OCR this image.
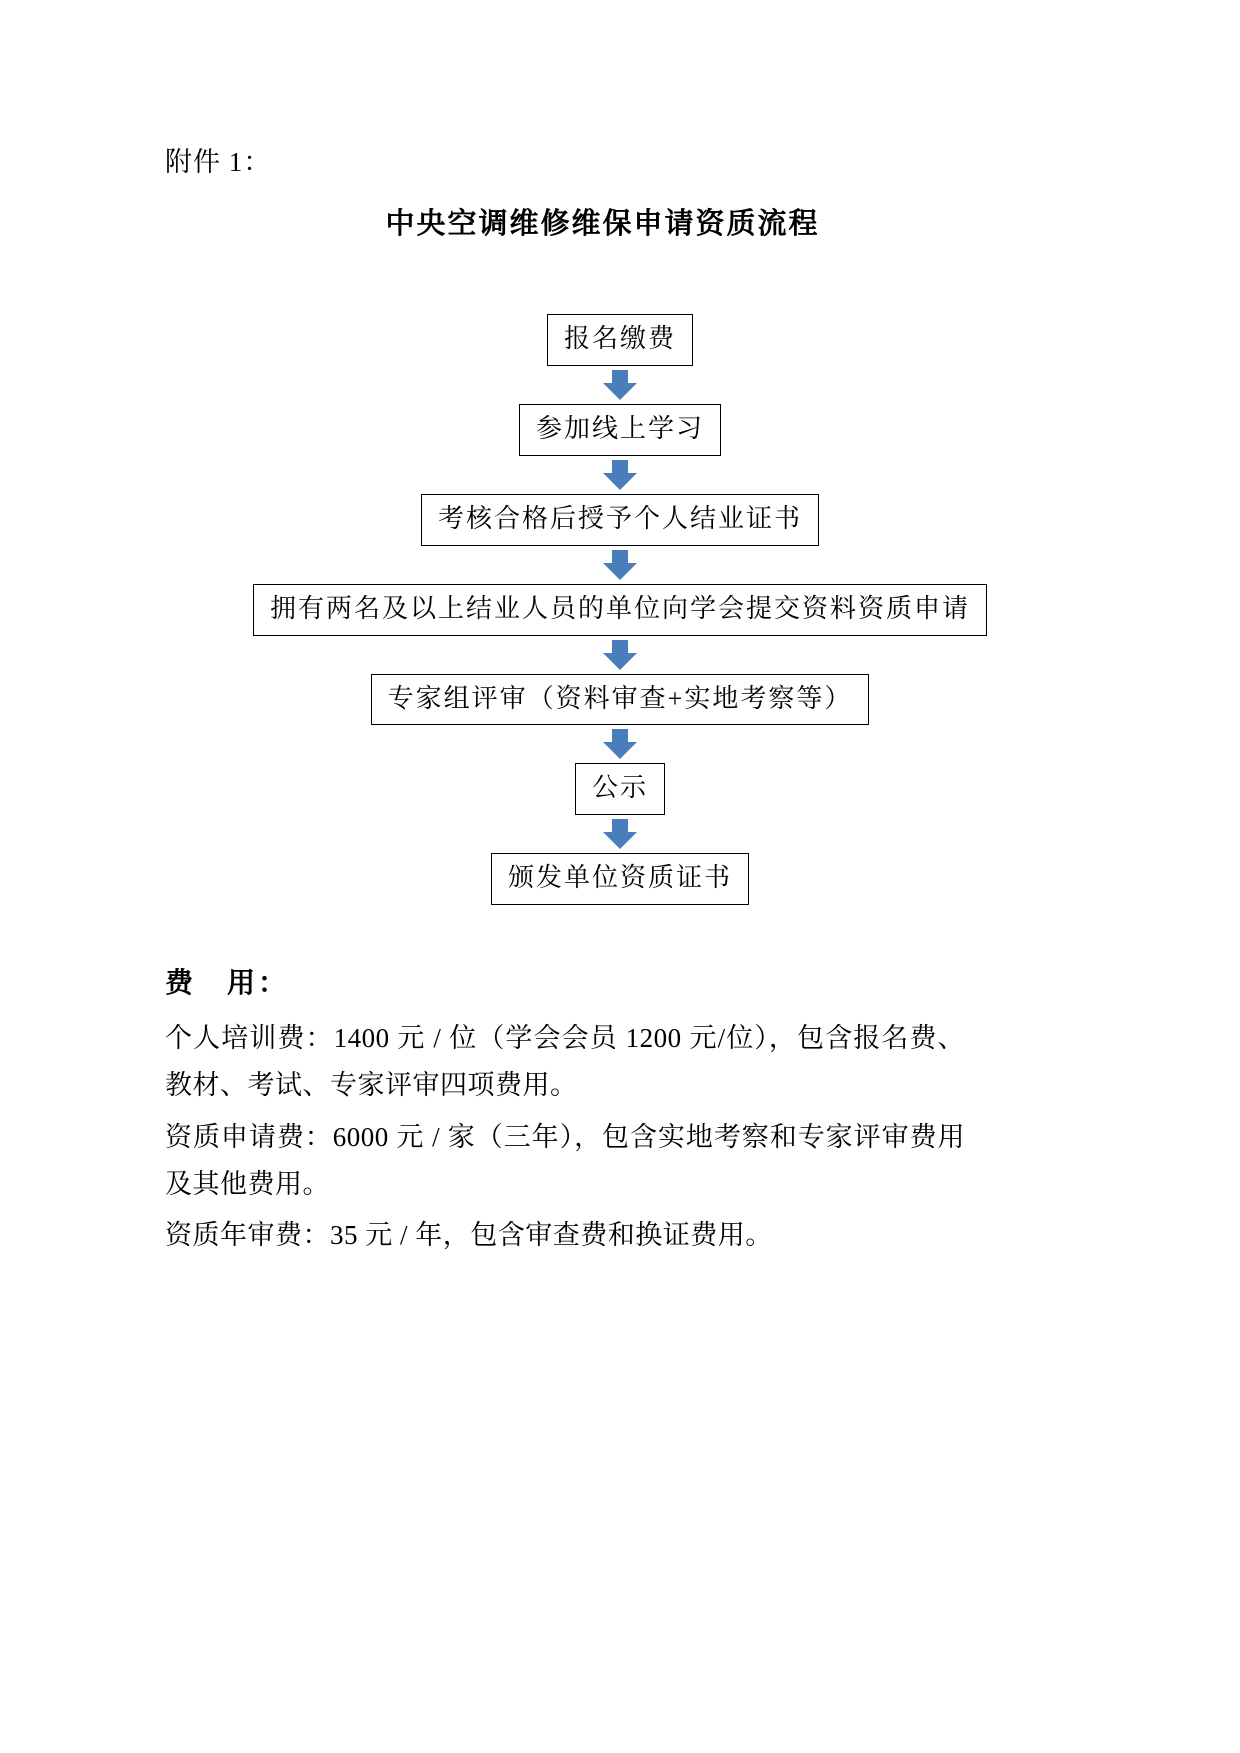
附件 1：
中央空调维修维保申请资质流程
报名缴费
参加线上学习
考核合格后授予个人结业证书
拥有两名及以上结业人员的单位向学会提交资料资质申请
专家组评审（资料审查+实地考察等）
公示
颁发单位资质证书
费　用：

个人培训费：1400 元 / 位（学会会员 1200 元/位），包含报名费、教材、考试、专家评审四项费用。

资质申请费：6000 元 / 家（三年），包含实地考察和专家评审费用及其他费用。

资质年审费：35 元 / 年，包含审查费和换证费用。
